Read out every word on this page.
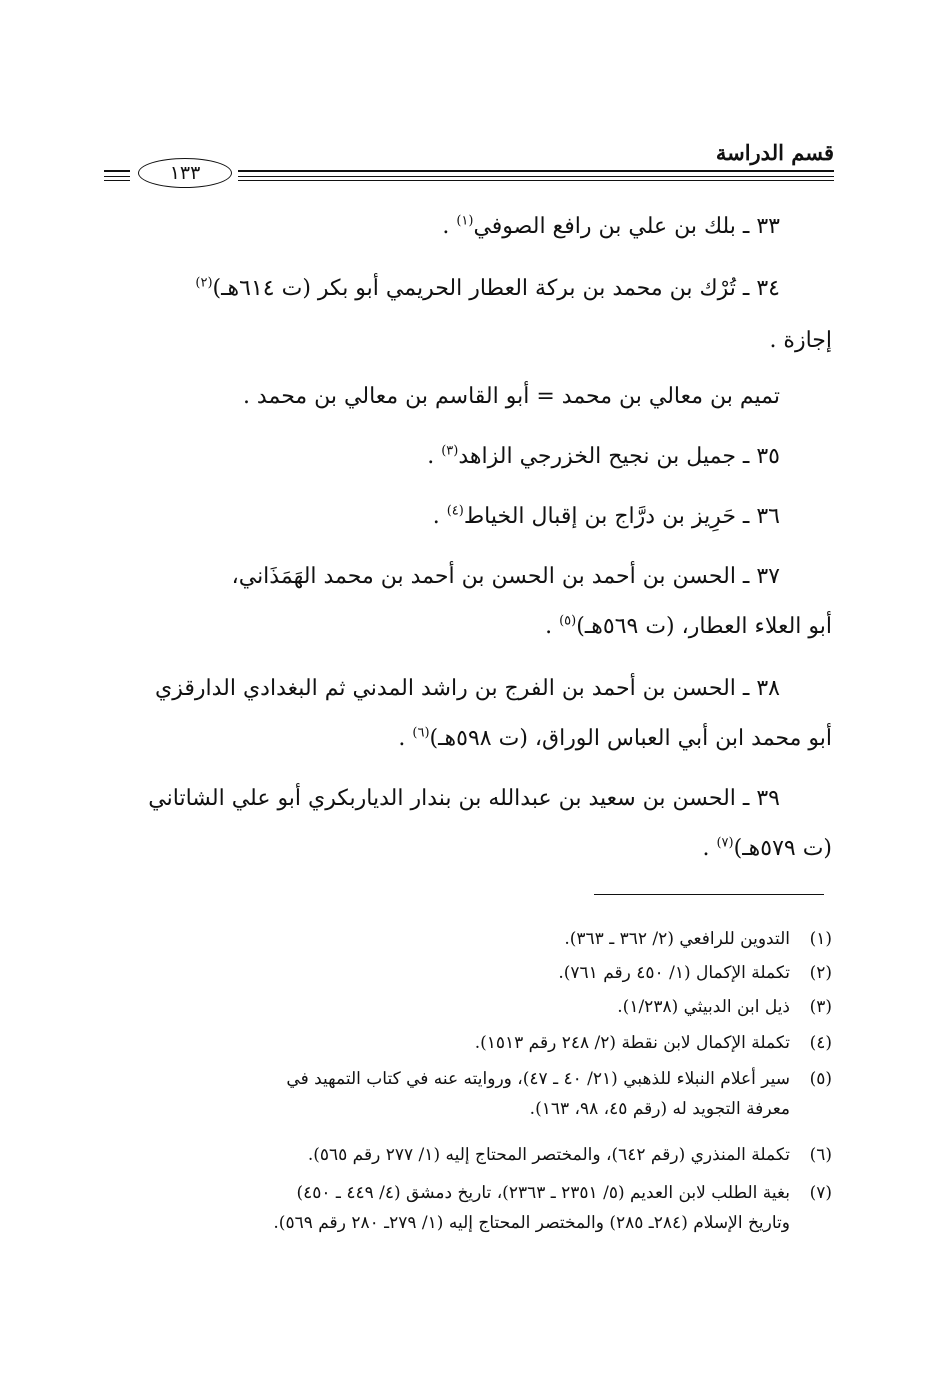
قسم الدراسة
١٣٣
٣٣ ـ بلك بن علي بن رافع الصوفي$^{(١)}$ .
٣٤ ـ تُرْك بن محمد بن بركة العطار الحريمي أبو بكر (ت ٦١٤هـ)$^{(٢)}$
إجازة .
تميم بن معالي بن محمد = أبو القاسم بن معالي بن محمد .
٣٥ ـ جميل بن نجيح الخزرجي الزاهد$^{(٣)}$ .
٣٦ ـ حَرِيز بن درَّاج بن إقبال الخياط$^{(٤)}$ .
٣٧ ـ الحسن بن أحمد بن الحسن بن أحمد بن محمد الهَمَذَاني،
أبو العلاء العطار، (ت ٥٦٩هـ)$^{(٥)}$ .
٣٨ ـ الحسن بن أحمد بن الفرج بن راشد المدني ثم البغدادي الدارقزي
أبو محمد ابن أبي العباس الوراق، (ت ٥٩٨هـ)$^{(٦)}$ .
٣٩ ـ الحسن بن سعيد بن عبدالله بن بندار الدياربكري أبو علي الشاتاني
(ت ٥٧٩هـ)$^{(٧)}$ .
(١)التدوين للرافعي (٢/ ٣٦٢ ـ ٣٦٣).
(٢)تكملة الإكمال (١/ ٤٥٠ رقم ٧٦١).
(٣)ذيل ابن الدبيثي (١/٢٣٨).
(٤)تكملة الإكمال لابن نقطة (٢/ ٢٤٨ رقم ١٥١٣).
(٥)سير أعلام النبلاء للذهبي (٢١/ ٤٠ ـ ٤٧)، وروايته عنه في كتاب التمهيد في
معرفة التجويد له (رقم ٤٥، ٩٨، ١٦٣).
(٦)تكملة المنذري (رقم ٦٤٢)، والمختصر المحتاج إليه (١/ ٢٧٧ رقم ٥٦٥).
(٧)بغية الطلب لابن العديم (٥/ ٢٣٥١ ـ ٢٣٦٣)، تاريخ دمشق (٤/ ٤٤٩ ـ ٤٥٠)
وتاريخ الإسلام (٢٨٤ـ ٢٨٥) والمختصر المحتاج إليه (١/ ٢٧٩ـ ٢٨٠ رقم ٥٦٩).
